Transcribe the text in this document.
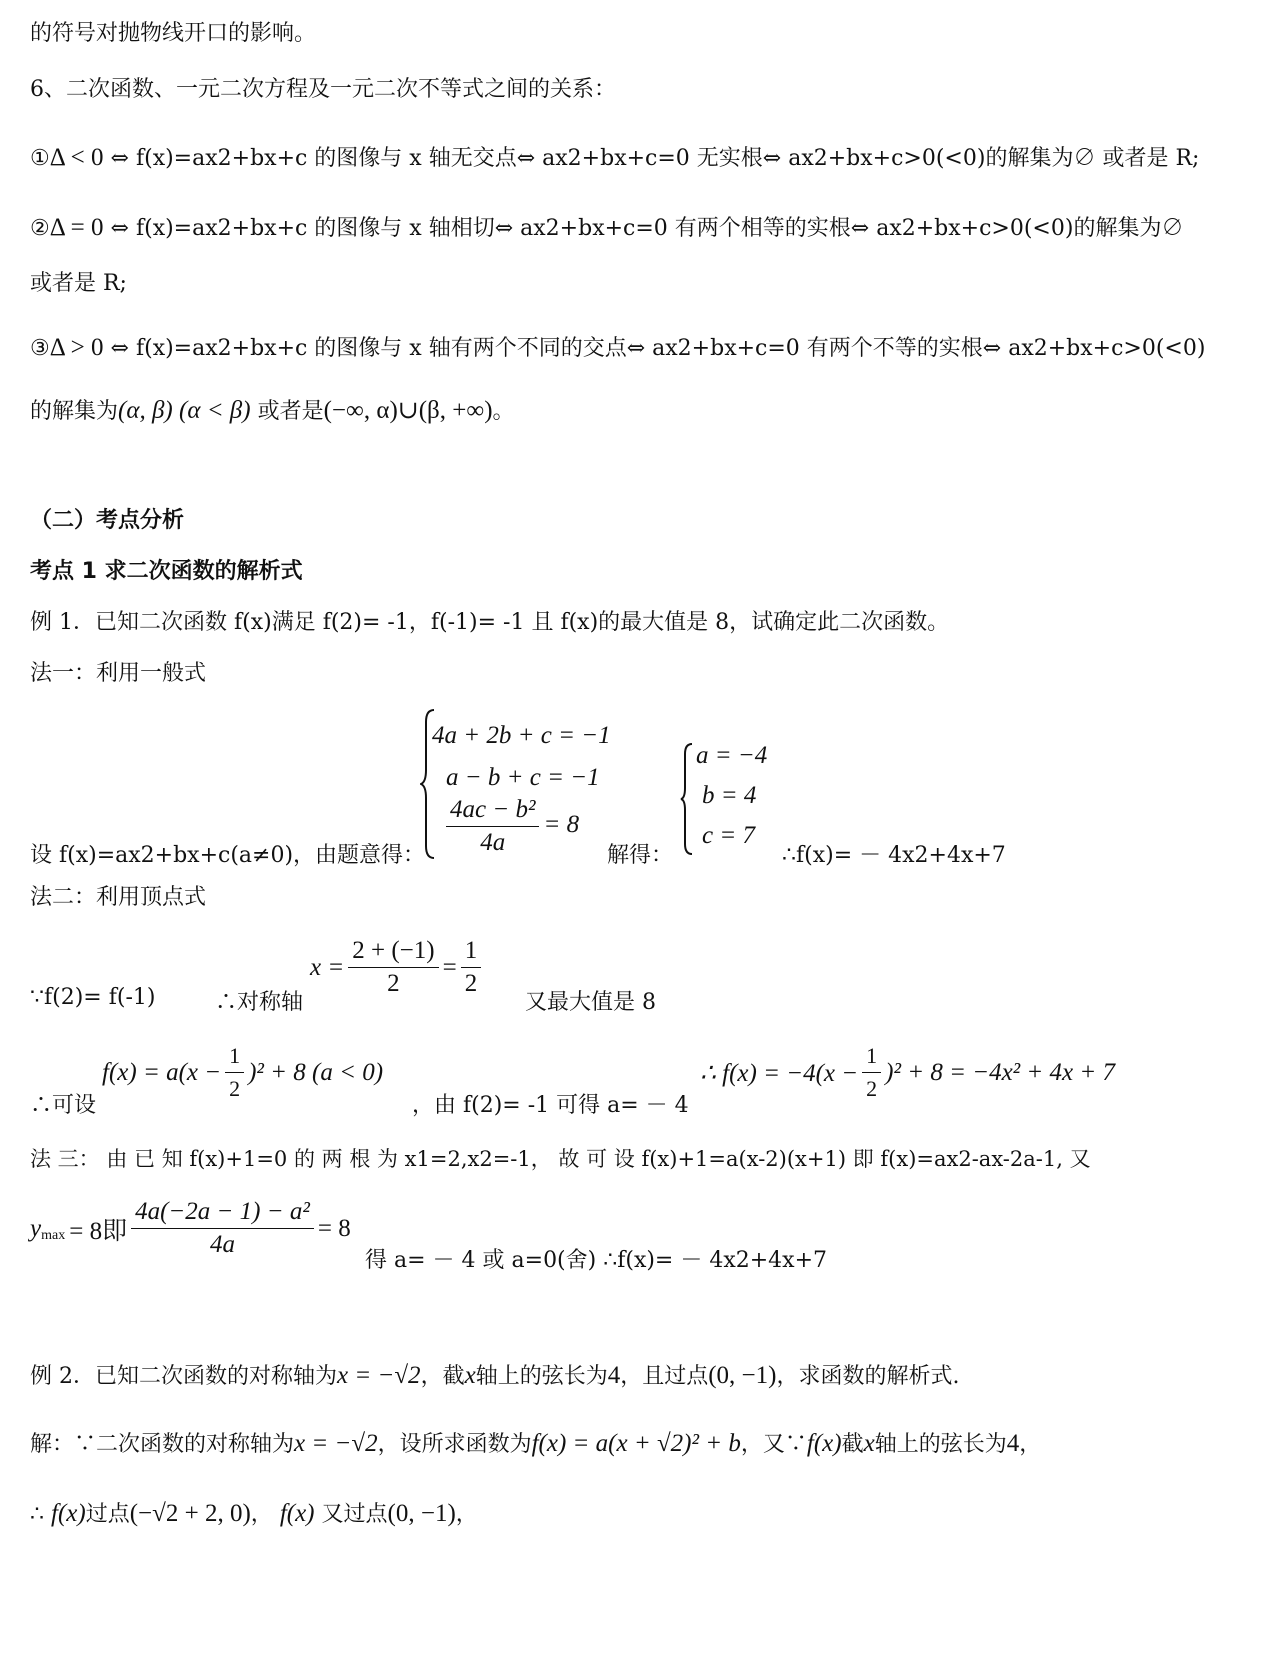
的符号对抛物线开口的影响。
6、二次函数、一元二次方程及一元二次不等式之间的关系：
①Δ < 0 ⇔ f(x)=ax2+bx+c 的图像与 x 轴无交点⇔ ax2+bx+c=0 无实根⇔ ax2+bx+c>0(<0)的解集为∅ 或者是 R;
②Δ = 0 ⇔ f(x)=ax2+bx+c 的图像与 x 轴相切⇔ ax2+bx+c=0 有两个相等的实根⇔ ax2+bx+c>0(<0)的解集为∅
或者是 R;
③Δ > 0 ⇔ f(x)=ax2+bx+c 的图像与 x 轴有两个不同的交点⇔ ax2+bx+c=0 有两个不等的实根⇔ ax2+bx+c>0(<0)
的解集为(α, β) (α < β) 或者是(−∞, α)∪(β, +∞)。
（二）考点分析
考点 1 求二次函数的解析式
例 1．已知二次函数 f(x)满足 f(2)= -1，f(-1)= -1 且 f(x)的最大值是 8，试确定此二次函数。
法一：利用一般式
4a + 2b + c = −1
a − b + c = −1
$\frac{\text{4ac − b²}}{4a} = 8$
设 f(x)=ax2+bx+c(a≠0)，由题意得：	解得：
a = −4
b = 4
c = 7
∴f(x)= － 4x2+4x+7
法二：利用顶点式
∵f(2)= f(-1)	∴对称轴
$x = \frac{2 + (-1)}{2} = \frac{1}{2}$
又最大值是 8
∴可设
$f(x) = a(x - \frac{1}{2} )^2 + 8$ (a < 0)
，由 f(2)= -1 可得 a= － 4
∴ $f(x) = -4(x - \frac{1}{2} )^2 + 8 = -4x^2 + 4x + 7$
法 三： 由 已 知 f(x)+1=0 的 两 根 为 x1=2,x2=-1， 故 可 设 f(x)+1=a(x-2)(x+1) 即 f(x)=ax2-ax-2a-1, 又
$y_{max} = 8$即 $\frac{\text{4a(−2a − 1) − a²}}{4a} = 8$
得 a= － 4 或 a=0(舍) ∴f(x)= － 4x2+4x+7
例 2．已知二次函数的对称轴为x = −√2，截x轴上的弦长为4，且过点(0, −1)，求函数的解析式.
解：∵二次函数的对称轴为x = −√2，设所求函数为f(x) = a(x + √2)² + b，又∵f(x)截x轴上的弦长为4，
∴ f(x)过点(−√2 + 2, 0)， f(x) 又过点(0, −1)，
